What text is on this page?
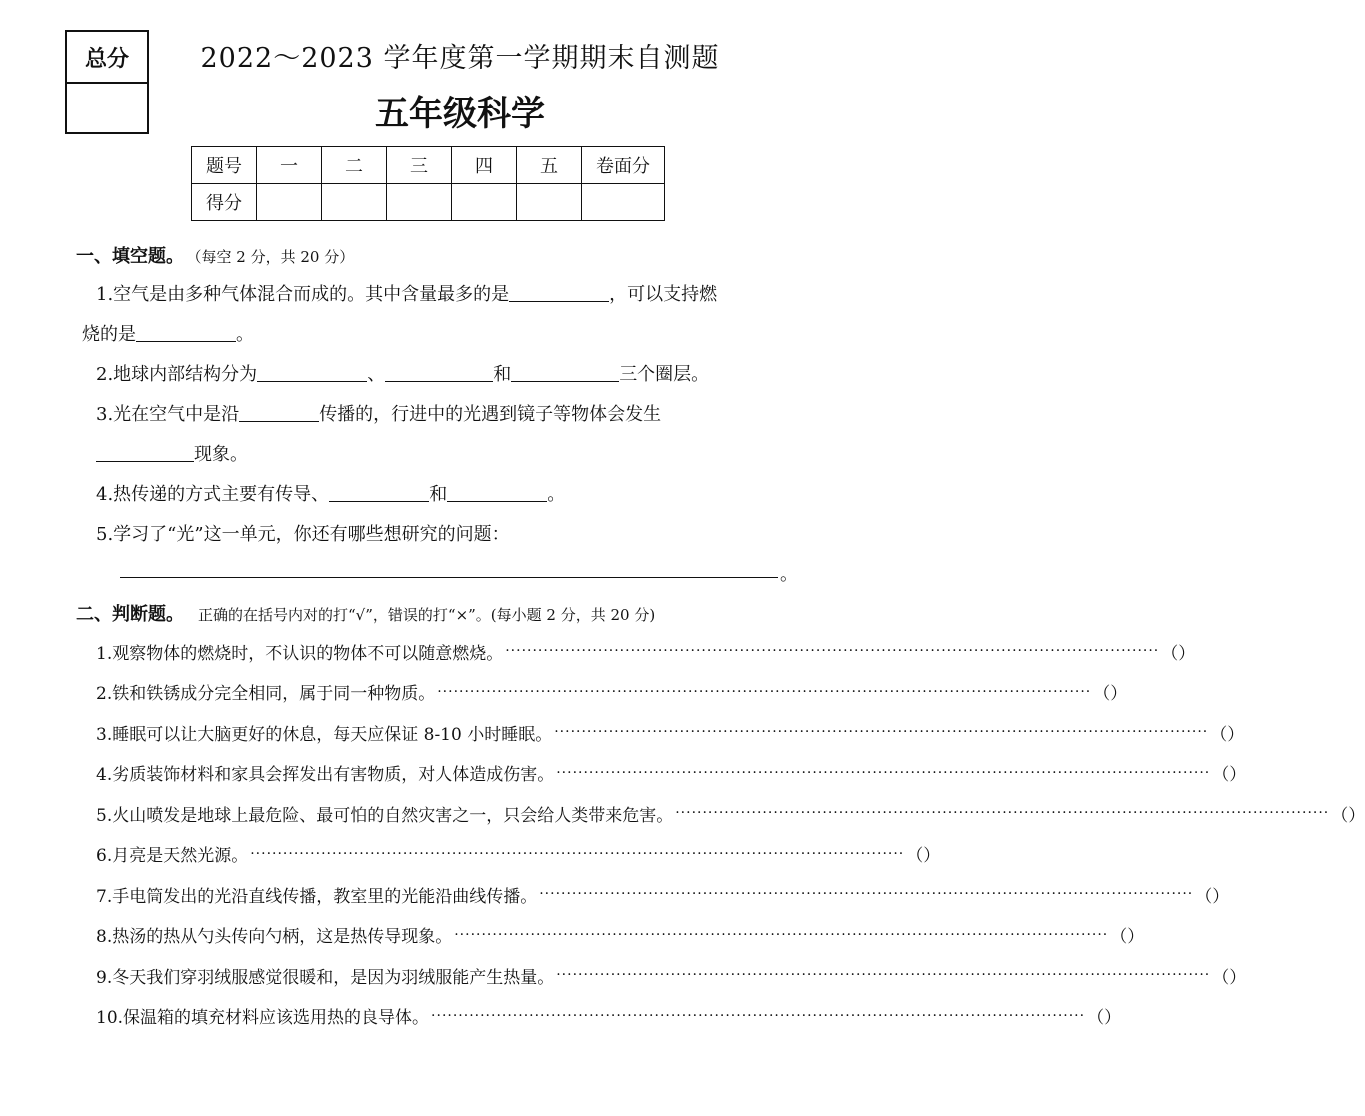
总分	2022～2023 学年度第一学期期末自测题
五年级科学
题号	一	二	三	四	五	卷面分
得分						
一、填空题。 （每空 2 分，共 20 分）
1.空气是由多种气体混合而成的。其中含量最多的是	，可以支持燃
烧的是	。
2.地球内部结构分为	、	和	三个圈层。
3.光在空气中是沿	传播的，行进中的光遇到镜子等物体会发生
现象。
4.热传递的方式主要有传导、	和	。
5.学习了“光”这一单元，你还有哪些想研究的问题：
。
二、判断题。 正确的在括号内对的打“√”，错误的打“×”。(每小题 2 分，共 20 分)
1.观察物体的燃烧时，不认识的物体不可以随意燃烧。 ························································································································ （ ）
2.铁和铁锈成分完全相同，属于同一种物质。 ························································································································ （ ）
3.睡眠可以让大脑更好的休息，每天应保证 8-10 小时睡眠。 ························································································································ （ ）
4.劣质装饰材料和家具会挥发出有害物质，对人体造成伤害。 ························································································································ （ ）
5.火山喷发是地球上最危险、最可怕的自然灾害之一，只会给人类带来危害。 ························································································································ （ ）
6.月亮是天然光源。 ························································································································ （ ）
7.手电筒发出的光沿直线传播，教室里的光能沿曲线传播。 ························································································································ （ ）
8.热汤的热从勺头传向勺柄，这是热传导现象。 ························································································································ （ ）
9.冬天我们穿羽绒服感觉很暖和，是因为羽绒服能产生热量。 ························································································································ （ ）
10.保温箱的填充材料应该选用热的良导体。 ························································································································ （ ）
